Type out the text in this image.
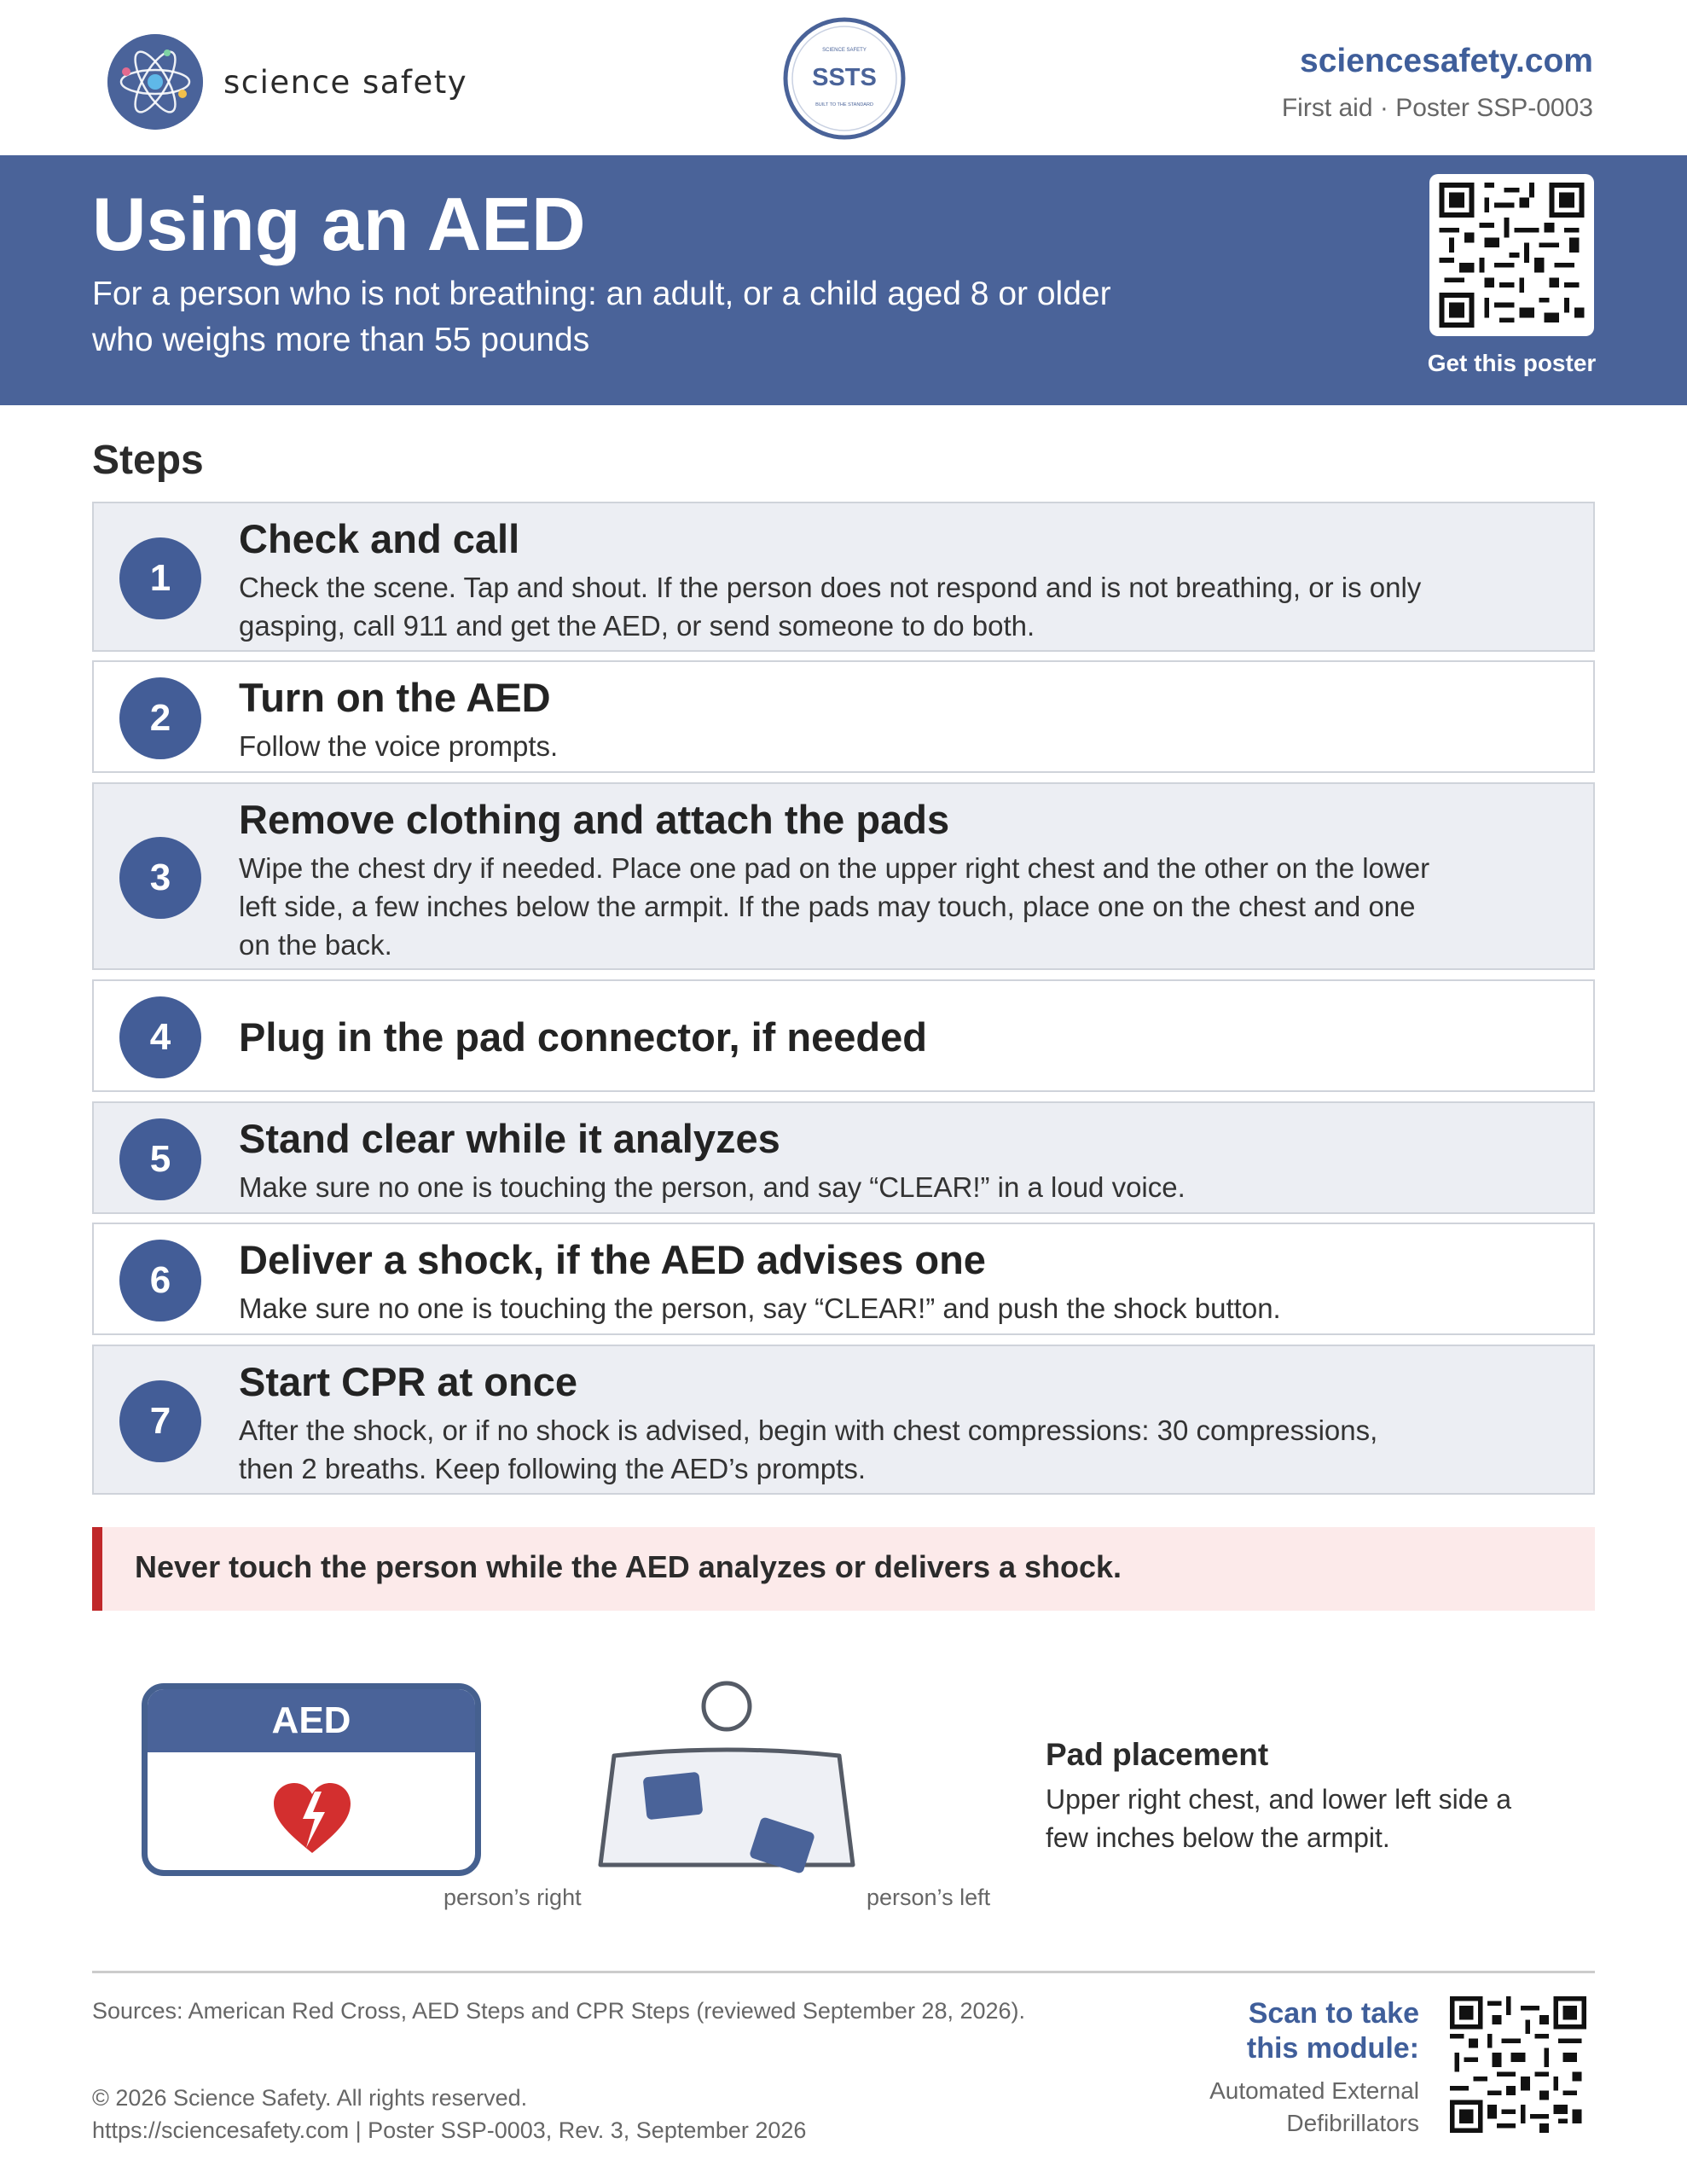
science safety
SCIENCE SAFETY
SSTS
BUILT TO THE STANDARD
sciencesafety.com
First aid · Poster SSP-0003
Using an AED
For a person who is not breathing: an adult, or a child aged 8 or older who weighs more than 55 pounds
Get this poster
Steps
1
Check and call
Check the scene. Tap and shout. If the person does not respond and is not breathing, or is only gasping, call 911 and get the AED, or send someone to do both.
2	Turn on the AED
Follow the voice prompts.
3
Remove clothing and attach the pads
Wipe the chest dry if needed. Place one pad on the upper right chest and the other on the lower left side, a few inches below the armpit. If the pads may touch, place one on the chest and one on the back.
4	Plug in the pad connector, if needed
5	Stand clear while it analyzes
Make sure no one is touching the person, and say “CLEAR!” in a loud voice.
6	Deliver a shock, if the AED advises one
Make sure no one is touching the person, say “CLEAR!” and push the shock button.
7
Start CPR at once
After the shock, or if no shock is advised, begin with chest compressions: 30 compressions, then 2 breaths. Keep following the AED’s prompts.
Never touch the person while the AED analyzes or delivers a shock.
AED
person’s right	person’s left
Pad placement
Upper right chest, and lower left side a few inches below the armpit.
Sources: American Red Cross, AED Steps and CPR Steps (reviewed September 28, 2026).
© 2026 Science Safety. All rights reserved.
https://sciencesafety.com | Poster SSP-0003, Rev. 3, September 2026
Scan to take
this module:
Automated External
Defibrillators
